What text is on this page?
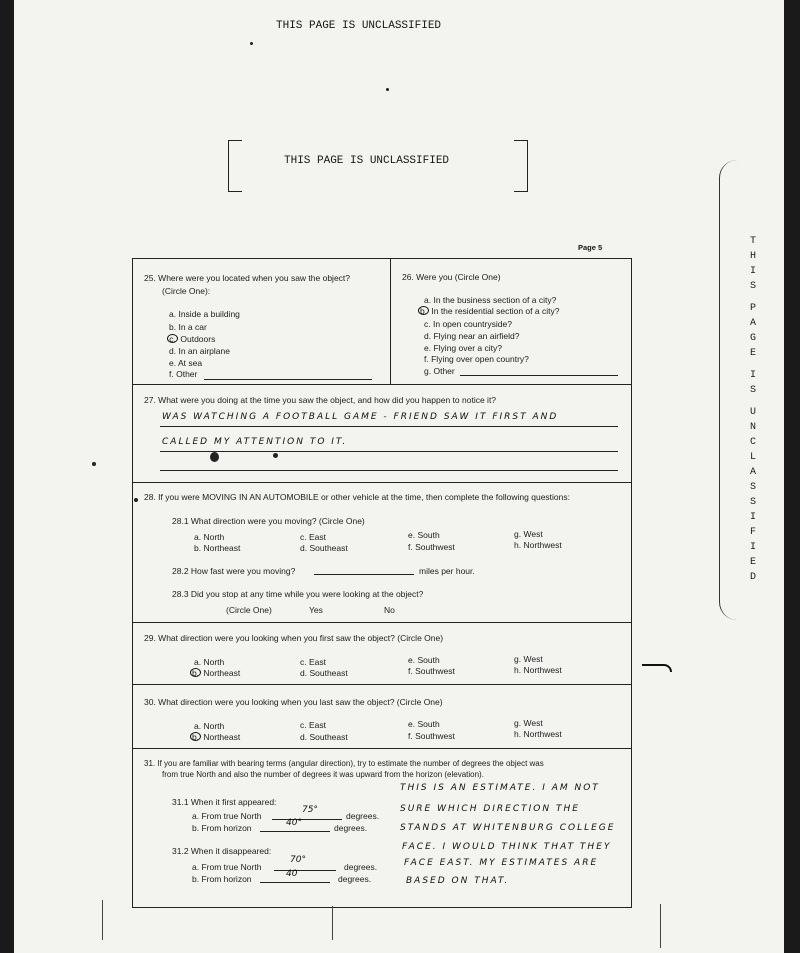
THIS PAGE IS UNCLASSIFIED
THIS PAGE IS UNCLASSIFIED
T
H
I
S
P
A
G
E
I
S
U
N
C
L
A
S
S
I
F
I
E
D
Page 5
25. Where were you located when you saw the object?
(Circle One):
a. Inside a building
b. In a car
c. Outdoors
d. In an airplane
e. At sea
f. Other
26. Were you (Circle One)
a. In the business section of a city?
b. In the residential section of a city?
c. In open countryside?
d. Flying near an airfield?
e. Flying over a city?
f. Flying over open country?
g. Other
27. What were you doing at the time you saw the object, and how did you happen to notice it?
WAS WATCHING A FOOTBALL GAME - FRIEND SAW IT FIRST AND
CALLED MY ATTENTION TO IT.
28. If you were MOVING IN AN AUTOMOBILE or other vehicle at the time, then complete the following questions:
28.1 What direction were you moving? (Circle One)
a. North
b. Northeast
c. East
d. Southeast
e. South
f. Southwest
g. West
h. Northwest
28.2 How fast were you moving?	miles per hour.
28.3 Did you stop at any time while you were looking at the object?
(Circle One)	Yes	No
29. What direction were you looking when you first saw the object? (Circle One)
a. North
b. Northeast
c. East
d. Southeast
e. South
f. Southwest
g. West
h. Northwest
30. What direction were you looking when you last saw the object? (Circle One)
a. North
b. Northeast
c. East
d. Southeast
e. South
f. Southwest
g. West
h. Northwest
31. If you are familiar with bearing terms (angular direction), try to estimate the number of degrees the object was
from true North and also the number of degrees it was upward from the horizon (elevation).
31.1 When it first appeared:
a. From true North
75°
degrees.
b. From horizon	40°	degrees.
31.2 When it disappeared:
a. From true North
70°
degrees.
b. From horizon	40	degrees.
THIS IS AN ESTIMATE. I AM NOT
SURE WHICH DIRECTION THE
STANDS AT WHITENBURG COLLEGE
FACE. I WOULD THINK THAT THEY
FACE EAST. MY ESTIMATES ARE
BASED ON THAT.
